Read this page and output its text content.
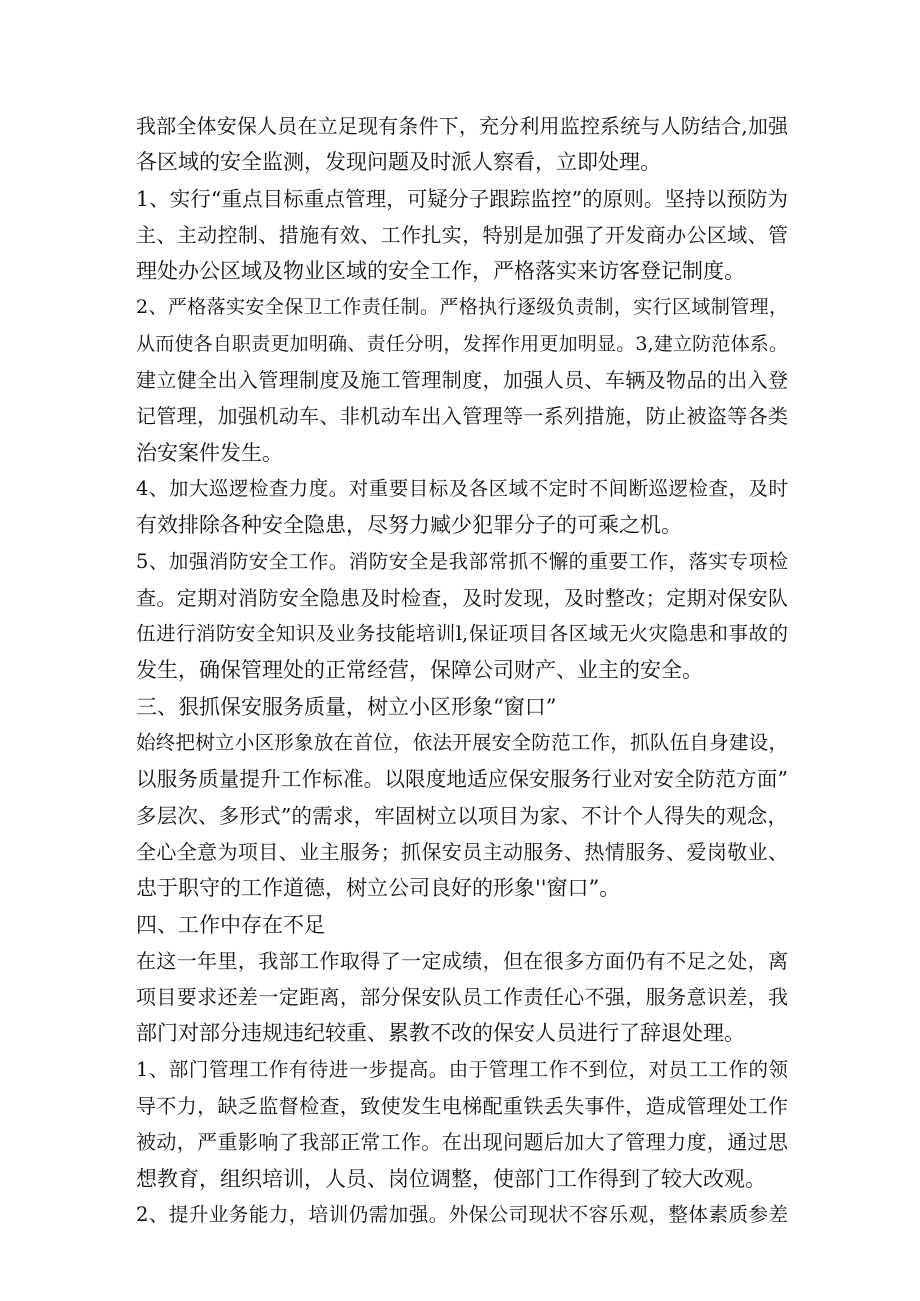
我部全体安保人员在立足现有条件下，充分利用监控系统与人防结合,加强
各区域的安全监测，发现问题及时派人察看，立即处理。
1、实行“重点目标重点管理，可疑分子跟踪监控”的原则。坚持以预防为
主、主动控制、措施有效、工作扎实，特别是加强了开发商办公区域、管
理处办公区域及物业区域的安全工作，严格落实来访客登记制度。
2、严格落实安全保卫工作责任制。严格执行逐级负责制，实行区域制管理，
从而使各自职责更加明确、责任分明，发挥作用更加明显。3,建立防范体系。
建立健全出入管理制度及施工管理制度，加强人员、车辆及物品的出入登
记管理，加强机动车、非机动车出入管理等一系列措施，防止被盗等各类
治安案件发生。
4、加大巡逻检查力度。对重要目标及各区域不定时不间断巡逻检查，及时
有效排除各种安全隐患，尽努力臧少犯罪分子的可乘之机。
5、加强消防安全工作。消防安全是我部常抓不懈的重要工作，落实专项检
查。定期对消防安全隐患及时检查，及时发现，及时整改；定期对保安队
伍进行消防安全知识及业务技能培训l,保证项目各区域无火灾隐患和事故的
发生，确保管理处的正常经营，保障公司财产、业主的安全。
三、狠抓保安服务质量，树立小区形象“窗口”
始终把树立小区形象放在首位，依法开展安全防范工作，抓队伍自身建设，
以服务质量提升工作标准。以限度地适应保安服务行业对安全防范方面”
多层次、多形式”的需求，牢固树立以项目为家、不计个人得失的观念，
全心全意为项目、业主服务；抓保安员主动服务、热情服务、爱岗敬业、
忠于职守的工作道德，树立公司良好的形象''窗口”。
四、工作中存在不足
在这一年里，我部工作取得了一定成绩，但在很多方面仍有不足之处，离
项目要求还差一定距离，部分保安队员工作责任心不强，服务意识差，我
部门对部分违规违纪较重、累教不改的保安人员进行了辞退处理。
1、部门管理工作有待进一步提高。由于管理工作不到位，对员工工作的领
导不力，缺乏监督检查，致使发生电梯配重铁丢失事件，造成管理处工作
被动，严重影响了我部正常工作。在出现问题后加大了管理力度，通过思
想教育，组织培训，人员、岗位调整，使部门工作得到了较大改观。
2、提升业务能力，培训仍需加强。外保公司现状不容乐观，整体素质参差
